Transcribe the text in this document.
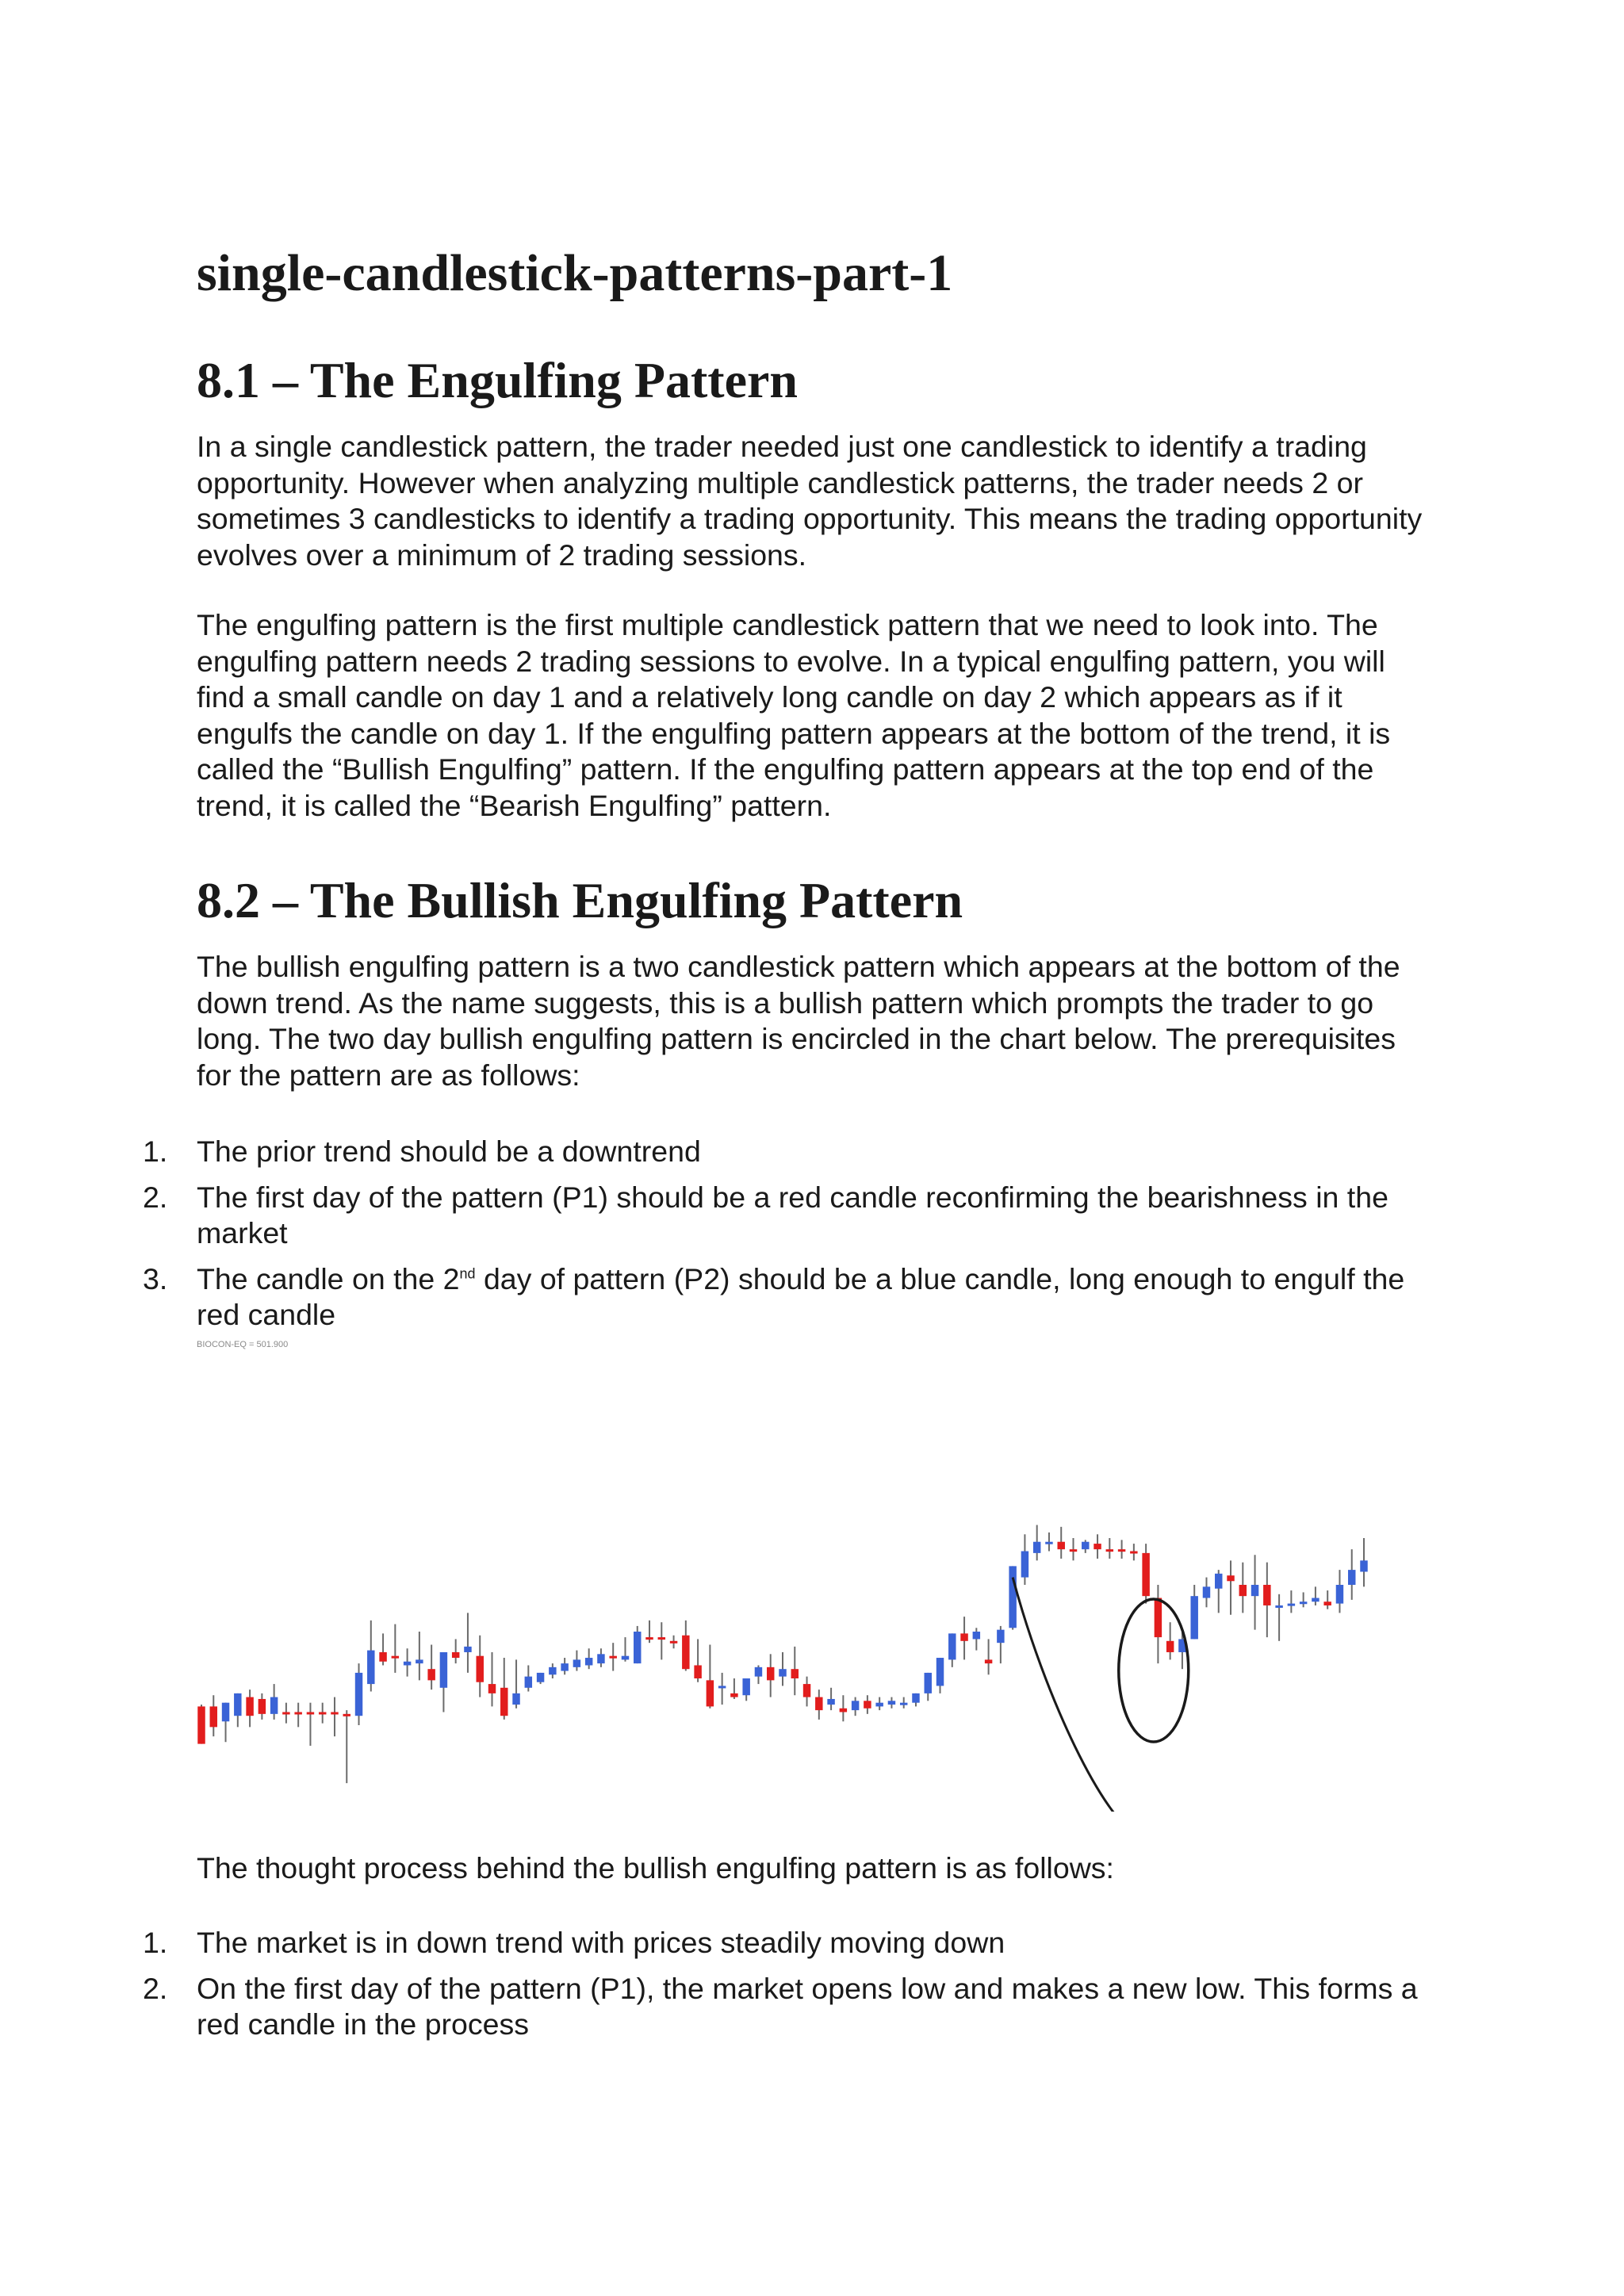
single-candlestick-patterns-part-1
8.1 – The Engulfing Pattern

In a single candlestick pattern, the trader needed just one candlestick to identify a trading opportunity. However when analyzing multiple candlestick patterns, the trader needs 2 or sometimes 3 candlesticks to identify a trading opportunity. This means the trading opportunity evolves over a minimum of 2 trading sessions.

The engulfing pattern is the first multiple candlestick pattern that we need to look into. The engulfing pattern needs 2 trading sessions to evolve. In a typical engulfing pattern, you will find a small candle on day 1 and a relatively long candle on day 2 which appears as if it engulfs the candle on day 1. If the engulfing pattern appears at the bottom of the trend, it is called the “Bullish Engulfing” pattern. If the engulfing pattern appears at the top end of the trend, it is called the “Bearish Engulfing” pattern.

8.2 – The Bullish Engulfing Pattern

The bullish engulfing pattern is a two candlestick pattern which appears at the bottom of the down trend. As the name suggests, this is a bullish pattern which prompts the trader to go long. The two day bullish engulfing pattern is encircled in the chart below. The prerequisites for the pattern are as follows:

1. The prior trend should be a downtrend
2. The first day of the pattern (P1) should be a red candle reconfirming the bearishness in the market
3. The candle on the 2nd day of pattern (P2) should be a blue candle, long enough to engulf the red candle
BIOCON-EQ = 501.900

The thought process behind the bullish engulfing pattern is as follows:

1. The market is in down trend with prices steadily moving down
2. On the first day of the pattern (P1), the market opens low and makes a new low. This forms a red candle in the process
